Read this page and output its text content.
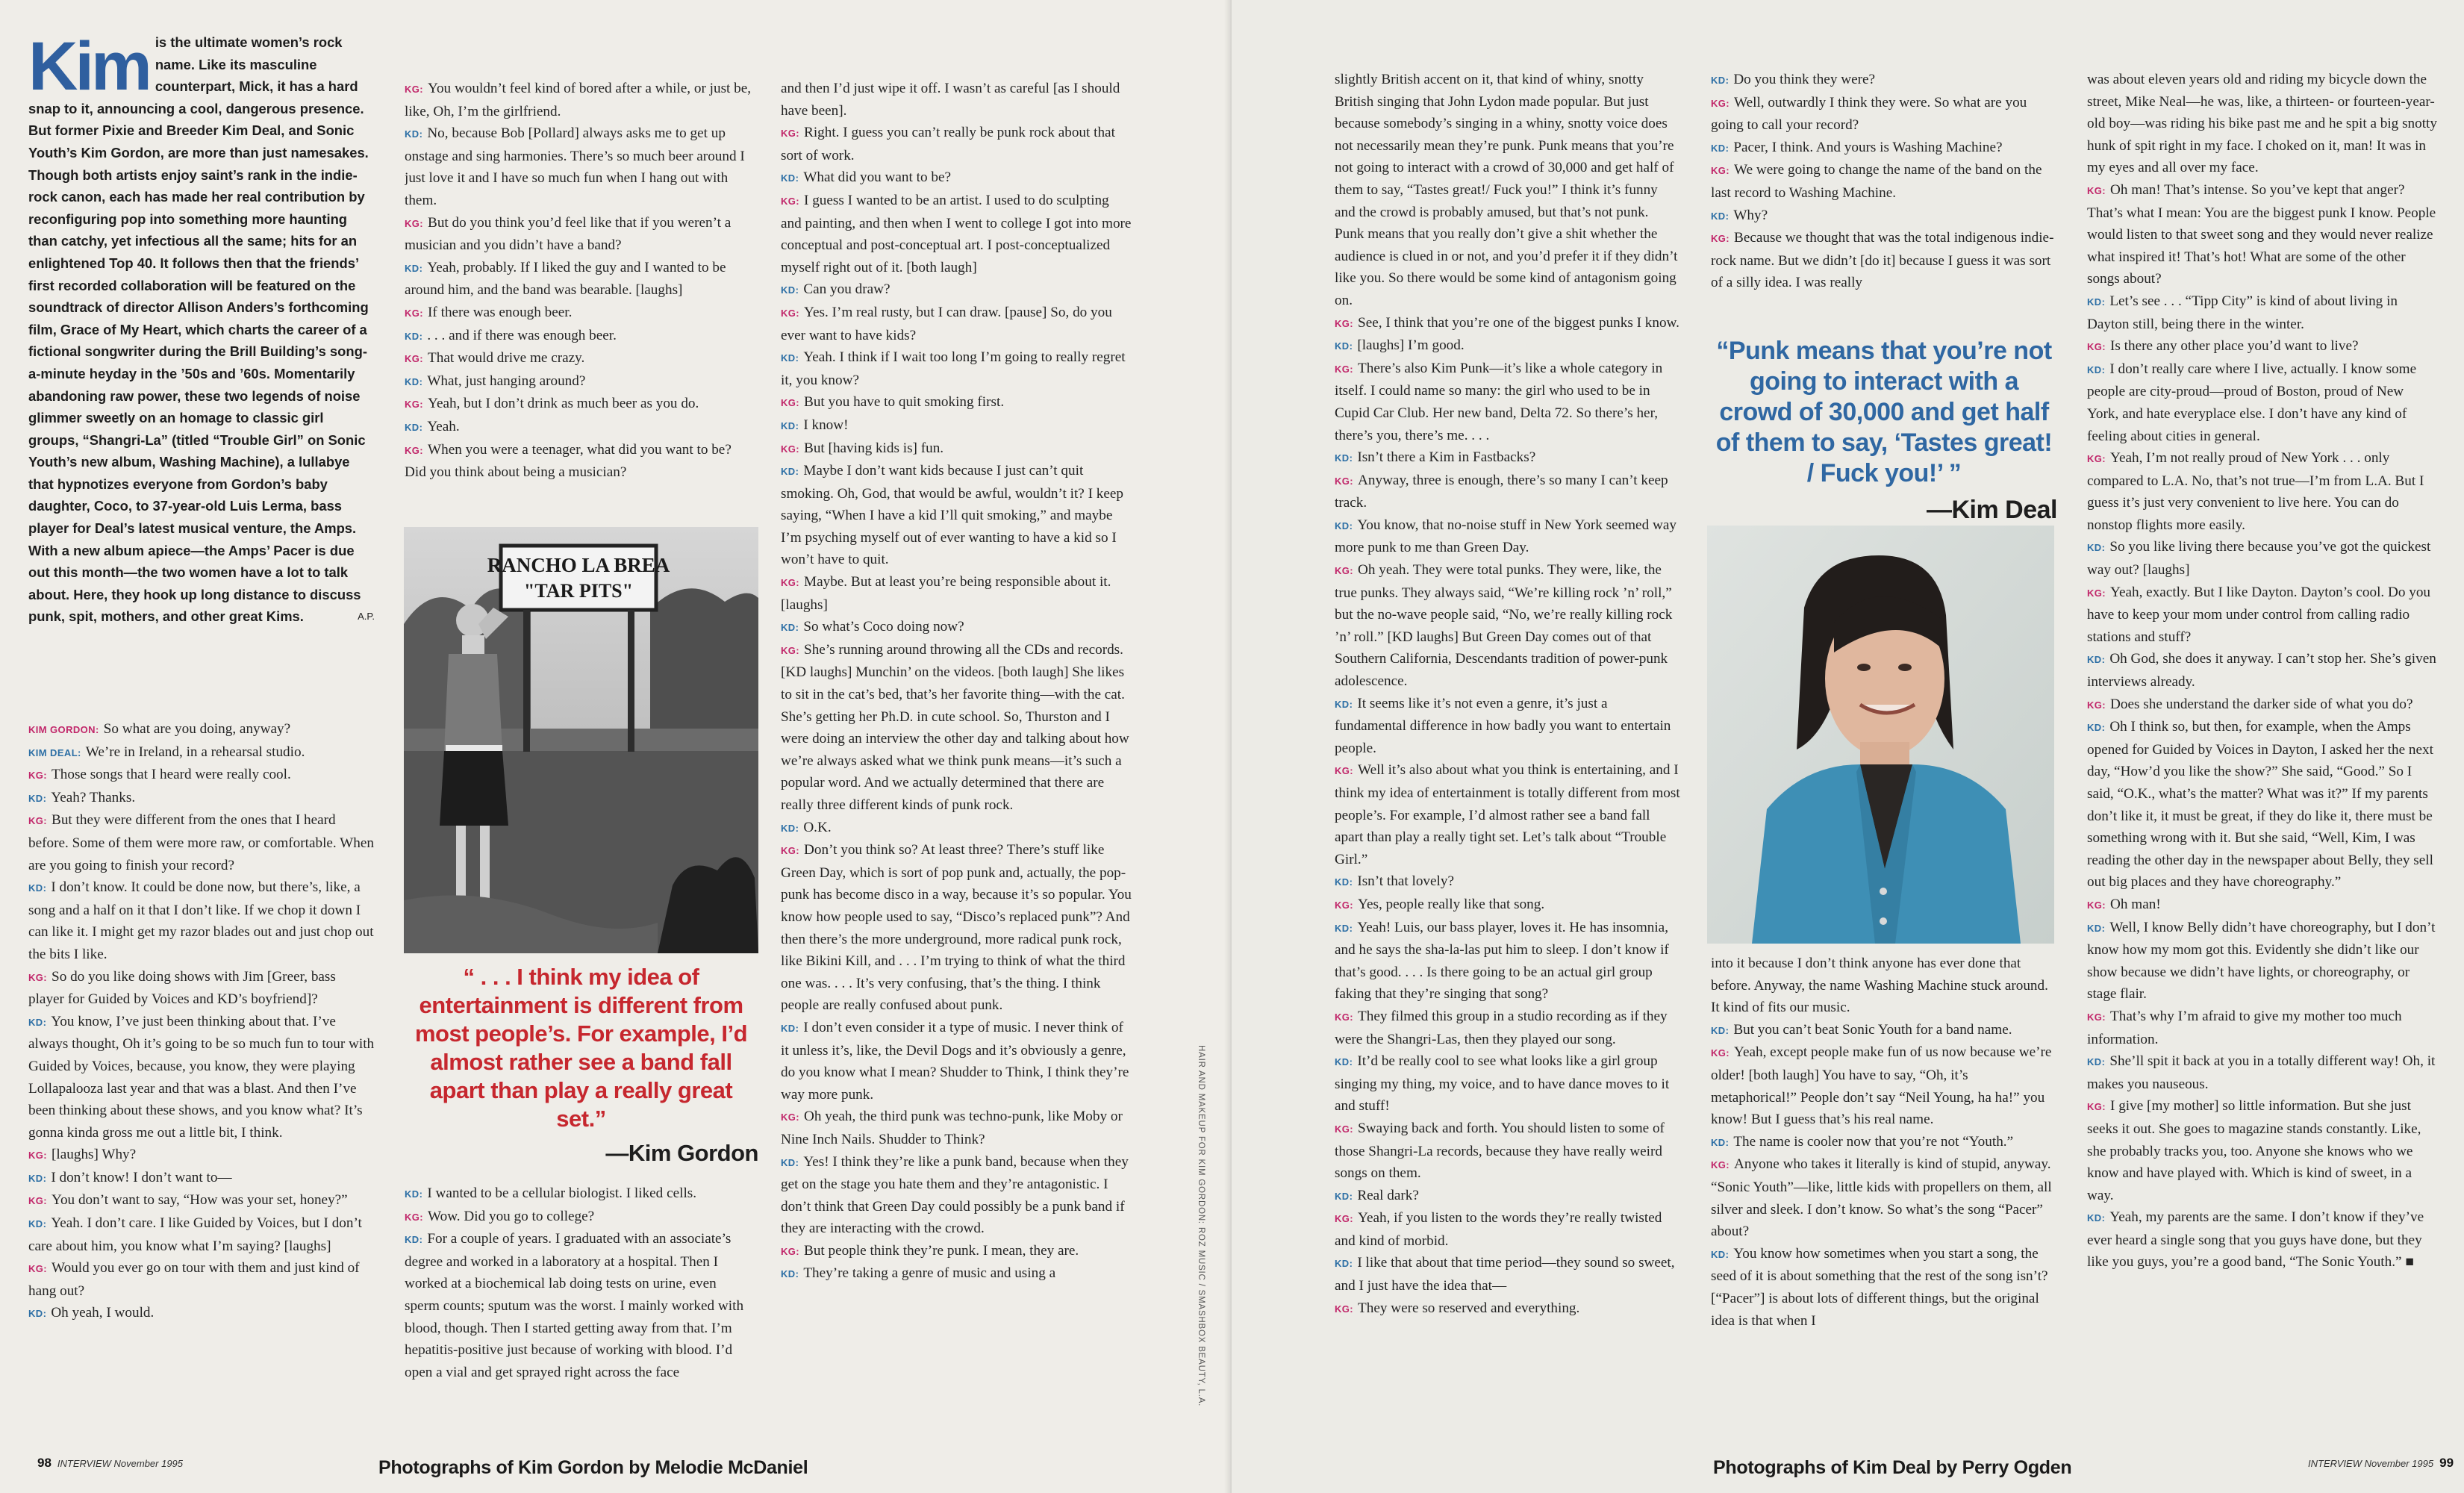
Kim is the ultimate women’s rock name. Like its masculine counterpart, Mick, it has a hard snap to it, announcing a cool, dangerous presence. But former Pixie and Breeder Kim Deal, and Sonic Youth’s Kim Gordon, are more than just namesakes. Though both artists enjoy saint’s rank in the indie-rock canon, each has made her real contribution by reconfiguring pop into something more haunting than catchy, yet infectious all the same; hits for an enlightened Top 40. It follows then that the friends’ first recorded collaboration will be featured on the soundtrack of director Allison Anders’s forthcoming film, Grace of My Heart, which charts the career of a fictional songwriter during the Brill Building’s song-a-minute heyday in the ’50s and ’60s. Momentarily abandoning raw power, these two legends of noise glimmer sweetly on an homage to classic girl groups, “Shangri-La” (titled “Trouble Girl” on Sonic Youth’s new album, Washing Machine), a lullabye that hypnotizes everyone from Gordon’s baby daughter, Coco, to 37-year-old Luis Lerma, bass player for Deal’s latest musical venture, the Amps. With a new album apiece—the Amps’ Pacer is due out this month—the two women have a lot to talk about. Here, they hook up long distance to discuss punk, spit, mothers, and other great Kims.	A.P.

KIM GORDON: So what are you doing, anyway?

KIM DEAL: We’re in Ireland, in a rehearsal studio.

KG: Those songs that I heard were really cool.

KD: Yeah? Thanks.

KG: But they were different from the ones that I heard before. Some of them were more raw, or comfortable. When are you going to finish your record?

KD: I don’t know. It could be done now, but there’s, like, a song and a half on it that I don’t like. If we chop it down I can like it. I might get my razor blades out and just chop out the bits I like.

KG: So do you like doing shows with Jim [Greer, bass player for Guided by Voices and KD’s boyfriend]?

KD: You know, I’ve just been thinking about that. I’ve always thought, Oh it’s going to be so much fun to tour with Guided by Voices, because, you know, they were playing Lollapalooza last year and that was a blast. And then I’ve been thinking about these shows, and you know what? It’s gonna kinda gross me out a little bit, I think.

KG: [laughs] Why?

KD: I don’t know! I don’t want to—

KG: You don’t want to say, “How was your set, honey?”

KD: Yeah. I don’t care. I like Guided by Voices, but I don’t care about him, you know what I’m saying? [laughs]

KG: Would you ever go on tour with them and just kind of hang out?

KD: Oh yeah, I would.

KG: You wouldn’t feel kind of bored after a while, or just be, like, Oh, I’m the girlfriend.

KD: No, because Bob [Pollard] always asks me to get up onstage and sing harmonies. There’s so much beer around I just love it and I have so much fun when I hang out with them.

KG: But do you think you’d feel like that if you weren’t a musician and you didn’t have a band?

KD: Yeah, probably. If I liked the guy and I wanted to be around him, and the band was bearable. [laughs]

KG: If there was enough beer.

KD: . . . and if there was enough beer.

KG: That would drive me crazy.

KD: What, just hanging around?

KG: Yeah, but I don’t drink as much beer as you do.

KD: Yeah.

KG: When you were a teenager, what did you want to be? Did you think about being a musician?

RANCHO LA BREA
"TAR PITS"
“ . . . I think my idea of entertainment is different from most people’s. For example, I’d almost rather see a band fall apart than play a really great set.”
—Kim Gordon

KD: I wanted to be a cellular biologist. I liked cells.

KG: Wow. Did you go to college?

KD: For a couple of years. I graduated with an associate’s degree and worked in a laboratory at a hospital. Then I worked at a biochemical lab doing tests on urine, even sperm counts; sputum was the worst. I mainly worked with blood, though. Then I started getting away from that. I’m hepatitis-positive just because of working with blood. I’d open a vial and get sprayed right across the face

and then I’d just wipe it off. I wasn’t as careful [as I should have been].

KG: Right. I guess you can’t really be punk rock about that sort of work.

KD: What did you want to be?

KG: I guess I wanted to be an artist. I used to do sculpting and painting, and then when I went to college I got into more conceptual and post-conceptual art. I post-conceptualized myself right out of it. [both laugh]

KD: Can you draw?

KG: Yes. I’m real rusty, but I can draw. [pause] So, do you ever want to have kids?

KD: Yeah. I think if I wait too long I’m going to really regret it, you know?

KG: But you have to quit smoking first.

KD: I know!

KG: But [having kids is] fun.

KD: Maybe I don’t want kids because I just can’t quit smoking. Oh, God, that would be awful, wouldn’t it? I keep saying, “When I have a kid I’ll quit smoking,” and maybe I’m psyching myself out of ever wanting to have a kid so I won’t have to quit.

KG: Maybe. But at least you’re being responsible about it. [laughs]

KD: So what’s Coco doing now?

KG: She’s running around throwing all the CDs and records. [KD laughs] Munchin’ on the videos. [both laugh] She likes to sit in the cat’s bed, that’s her favorite thing—with the cat. She’s getting her Ph.D. in cute school. So, Thurston and I were doing an interview the other day and talking about how we’re always asked what we think punk means—it’s such a popular word. And we actually determined that there are really three different kinds of punk rock.

KD: O.K.

KG: Don’t you think so? At least three? There’s stuff like Green Day, which is sort of pop punk and, actually, the pop-punk has become disco in a way, because it’s so popular. You know how people used to say, “Disco’s replaced punk”? And then there’s the more underground, more radical punk rock, like Bikini Kill, and . . . I’m trying to think of what the third one was. . . . It’s very confusing, that’s the thing. I think people are really confused about punk.

KD: I don’t even consider it a type of music. I never think of it unless it’s, like, the Devil Dogs and it’s obviously a genre, do you know what I mean? Shudder to Think, I think they’re way more punk.

KG: Oh yeah, the third punk was techno-punk, like Moby or Nine Inch Nails. Shudder to Think?

KD: Yes! I think they’re like a punk band, because when they get on the stage you hate them and they’re antagonistic. I don’t think that Green Day could possibly be a punk band if they are interacting with the crowd.

KG: But people think they’re punk. I mean, they are.

KD: They’re taking a genre of music and using a

98 INTERVIEW November 1995	Photographs of Kim Gordon by Melodie McDaniel
HAIR AND MAKEUP FOR KIM GORDON: ROZ MUSIC / SMASHBOX BEAUTY, L.A.

slightly British accent on it, that kind of whiny, snotty British singing that John Lydon made popular. But just because somebody’s singing in a whiny, snotty voice does not necessarily mean they’re punk. Punk means that you’re not going to interact with a crowd of 30,000 and get half of them to say, “Tastes great!/ Fuck you!” I think it’s funny and the crowd is probably amused, but that’s not punk. Punk means that you really don’t give a shit whether the audience is clued in or not, and you’d prefer it if they didn’t like you. So there would be some kind of antagonism going on.

KG: See, I think that you’re one of the biggest punks I know.

KD: [laughs] I’m good.

KG: There’s also Kim Punk—it’s like a whole category in itself. I could name so many: the girl who used to be in Cupid Car Club. Her new band, Delta 72. So there’s her, there’s you, there’s me. . . .

KD: Isn’t there a Kim in Fastbacks?

KG: Anyway, three is enough, there’s so many I can’t keep track.

KD: You know, that no-noise stuff in New York seemed way more punk to me than Green Day.

KG: Oh yeah. They were total punks. They were, like, the true punks. They always said, “We’re killing rock ’n’ roll,” but the no-wave people said, “No, we’re really killing rock ’n’ roll.” [KD laughs] But Green Day comes out of that Southern California, Descendants tradition of power-punk adolescence.

KD: It seems like it’s not even a genre, it’s just a fundamental difference in how badly you want to entertain people.

KG: Well it’s also about what you think is entertaining, and I think my idea of entertainment is totally different from most people’s. For example, I’d almost rather see a band fall apart than play a really tight set. Let’s talk about “Trouble Girl.”

KD: Isn’t that lovely?

KG: Yes, people really like that song.

KD: Yeah! Luis, our bass player, loves it. He has insomnia, and he says the sha-la-las put him to sleep. I don’t know if that’s good. . . . Is there going to be an actual girl group faking that they’re singing that song?

KG: They filmed this group in a studio recording as if they were the Shangri-Las, then they played our song.

KD: It’d be really cool to see what looks like a girl group singing my thing, my voice, and to have dance moves to it and stuff!

KG: Swaying back and forth. You should listen to some of those Shangri-La records, because they have really weird songs on them.

KD: Real dark?

KG: Yeah, if you listen to the words they’re really twisted and kind of morbid.

KD: I like that about that time period—they sound so sweet, and I just have the idea that—

KG: They were so reserved and everything.

KD: Do you think they were?

KG: Well, outwardly I think they were. So what are you going to call your record?

KD: Pacer, I think. And yours is Washing Machine?

KG: We were going to change the name of the band on the last record to Washing Machine.

KD: Why?

KG: Because we thought that was the total indigenous indie-rock name. But we didn’t [do it] because I guess it was sort of a silly idea. I was really

“Punk means that you’re not going to interact with a crowd of 30,000 and get half of them to say, ‘Tastes great! / Fuck you!’ ”
—Kim Deal

into it because I don’t think anyone has ever done that before. Anyway, the name Washing Machine stuck around. It kind of fits our music.

KD: But you can’t beat Sonic Youth for a band name.

KG: Yeah, except people make fun of us now because we’re older! [both laugh] You have to say, “Oh, it’s metaphorical!” People don’t say “Neil Young, ha ha!” you know! But I guess that’s his real name.

KD: The name is cooler now that you’re not “Youth.”

KG: Anyone who takes it literally is kind of stupid, anyway. “Sonic Youth”—like, little kids with propellers on them, all silver and sleek. I don’t know. So what’s the song “Pacer” about?

KD: You know how sometimes when you start a song, the seed of it is about something that the rest of the song isn’t? [“Pacer”] is about lots of different things, but the original idea is that when I

was about eleven years old and riding my bicycle down the street, Mike Neal—he was, like, a thirteen- or fourteen-year-old boy—was riding his bike past me and he spit a big snotty hunk of spit right in my face. I choked on it, man! It was in my eyes and all over my face.

KG: Oh man! That’s intense. So you’ve kept that anger? That’s what I mean: You are the biggest punk I know. People would listen to that sweet song and they would never realize what inspired it! That’s hot! What are some of the other songs about?

KD: Let’s see . . . “Tipp City” is kind of about living in Dayton still, being there in the winter.

KG: Is there any other place you’d want to live?

KD: I don’t really care where I live, actually. I know some people are city-proud—proud of Boston, proud of New York, and hate everyplace else. I don’t have any kind of feeling about cities in general.

KG: Yeah, I’m not really proud of New York . . . only compared to L.A. No, that’s not true—I’m from L.A. But I guess it’s just very convenient to live here. You can do nonstop flights more easily.

KD: So you like living there because you’ve got the quickest way out? [laughs]

KG: Yeah, exactly. But I like Dayton. Dayton’s cool. Do you have to keep your mom under control from calling radio stations and stuff?

KD: Oh God, she does it anyway. I can’t stop her. She’s given interviews already.

KG: Does she understand the darker side of what you do?

KD: Oh I think so, but then, for example, when the Amps opened for Guided by Voices in Dayton, I asked her the next day, “How’d you like the show?” She said, “Good.” So I said, “O.K., what’s the matter? What was it?” If my parents don’t like it, it must be great, if they do like it, there must be something wrong with it. But she said, “Well, Kim, I was reading the other day in the newspaper about Belly, they sell out big places and they have choreography.”

KG: Oh man!

KD: Well, I know Belly didn’t have choreography, but I don’t know how my mom got this. Evidently she didn’t like our show because we didn’t have lights, or choreography, or stage flair.

KG: That’s why I’m afraid to give my mother too much information.

KD: She’ll spit it back at you in a totally different way! Oh, it makes you nauseous.

KG: I give [my mother] so little information. But she just seeks it out. She goes to magazine stands constantly. Like, she probably tracks you, too. Anyone she knows who we know and have played with. Which is kind of sweet, in a way.

KD: Yeah, my parents are the same. I don’t know if they’ve ever heard a single song that you guys have done, but they like you guys, you’re a good band, “The Sonic Youth.” ■

Photographs of Kim Deal by Perry Ogden	INTERVIEW November 1995 99
